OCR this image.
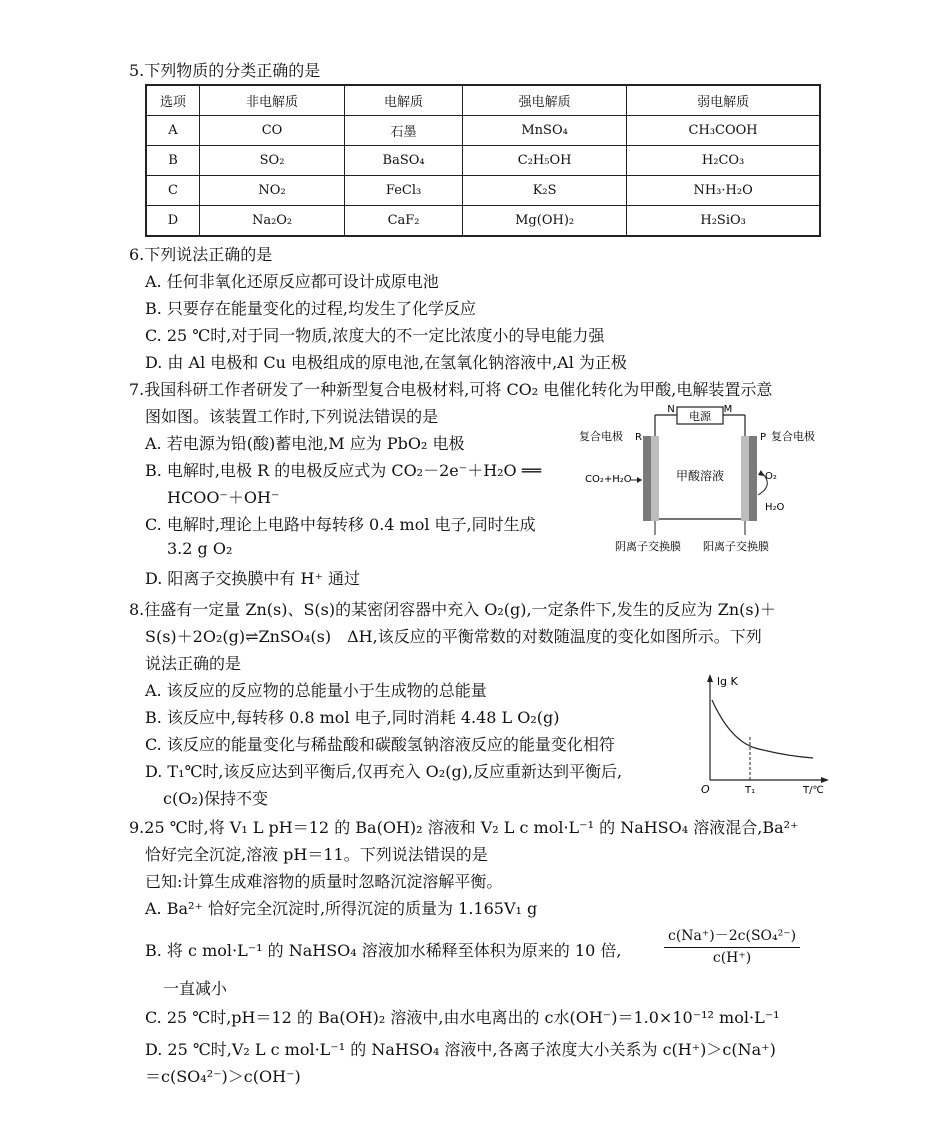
5.下列物质的分类正确的是
选项	非电解质	电解质	强电解质	弱电解质
A	CO	石墨	MnSO₄	CH₃COOH
B	SO₂	BaSO₄	C₂H₅OH	H₂CO₃
C	NO₂	FeCl₃	K₂S	NH₃·H₂O
D	Na₂O₂	CaF₂	Mg(OH)₂	H₂SiO₃
6.下列说法正确的是
A. 任何非氧化还原反应都可设计成原电池
B. 只要存在能量变化的过程,均发生了化学反应
C. 25 ℃时,对于同一物质,浓度大的不一定比浓度小的导电能力强
D. 由 Al 电极和 Cu 电极组成的原电池,在氢氧化钠溶液中,Al 为正极
7.我国科研工作者研发了一种新型复合电极材料,可将 CO₂ 电催化转化为甲酸,电解装置示意
图如图。该装置工作时,下列说法错误的是
A. 若电源为铅(酸)蓄电池,M 应为 PbO₂ 电极
B. 电解时,电极 R 的电极反应式为 CO₂－2e⁻＋H₂O ══
HCOO⁻＋OH⁻
C. 电解时,理论上电路中每转移 0.4 mol 电子,同时生成
3.2 g O₂
D. 阳离子交换膜中有 H⁺ 通过
电源
N	M
甲酸溶液
复合电极 R	P 复合电极
CO₂+H₂O	O₂
H₂O
阴离子交换膜 阳离子交换膜
8.往盛有一定量 Zn(s)、S(s)的某密闭容器中充入 O₂(g),一定条件下,发生的反应为 Zn(s)＋
S(s)＋2O₂(g)⇌ZnSO₄(s)　ΔH,该反应的平衡常数的对数随温度的变化如图所示。下列
说法正确的是
A. 该反应的反应物的总能量小于生成物的总能量
B. 该反应中,每转移 0.8 mol 电子,同时消耗 4.48 L O₂(g)
C. 该反应的能量变化与稀盐酸和碳酸氢钠溶液反应的能量变化相符
D. T₁℃时,该反应达到平衡后,仅再充入 O₂(g),反应重新达到平衡后,
c(O₂)保持不变
lg K
O	T₁	T/℃
9.25 ℃时,将 V₁ L pH＝12 的 Ba(OH)₂ 溶液和 V₂ L c mol·L⁻¹ 的 NaHSO₄ 溶液混合,Ba²⁺
恰好完全沉淀,溶液 pH＝11。下列说法错误的是
已知:计算生成难溶物的质量时忽略沉淀溶解平衡。
A. Ba²⁺ 恰好完全沉淀时,所得沉淀的质量为 1.165V₁ g
B. 将 c mol·L⁻¹ 的 NaHSO₄ 溶液加水稀释至体积为原来的 10 倍,	$\frac{\text{c(Na⁺)－2c(SO₄²⁻)}}{c(H^+)}$
一直减小
C. 25 ℃时,pH＝12 的 Ba(OH)₂ 溶液中,由水电离出的 c水(OH⁻)＝1.0×10⁻¹² mol·L⁻¹
D. 25 ℃时,V₂ L c mol·L⁻¹ 的 NaHSO₄ 溶液中,各离子浓度大小关系为 c(H⁺)＞c(Na⁺)
＝c(SO₄²⁻)＞c(OH⁻)
